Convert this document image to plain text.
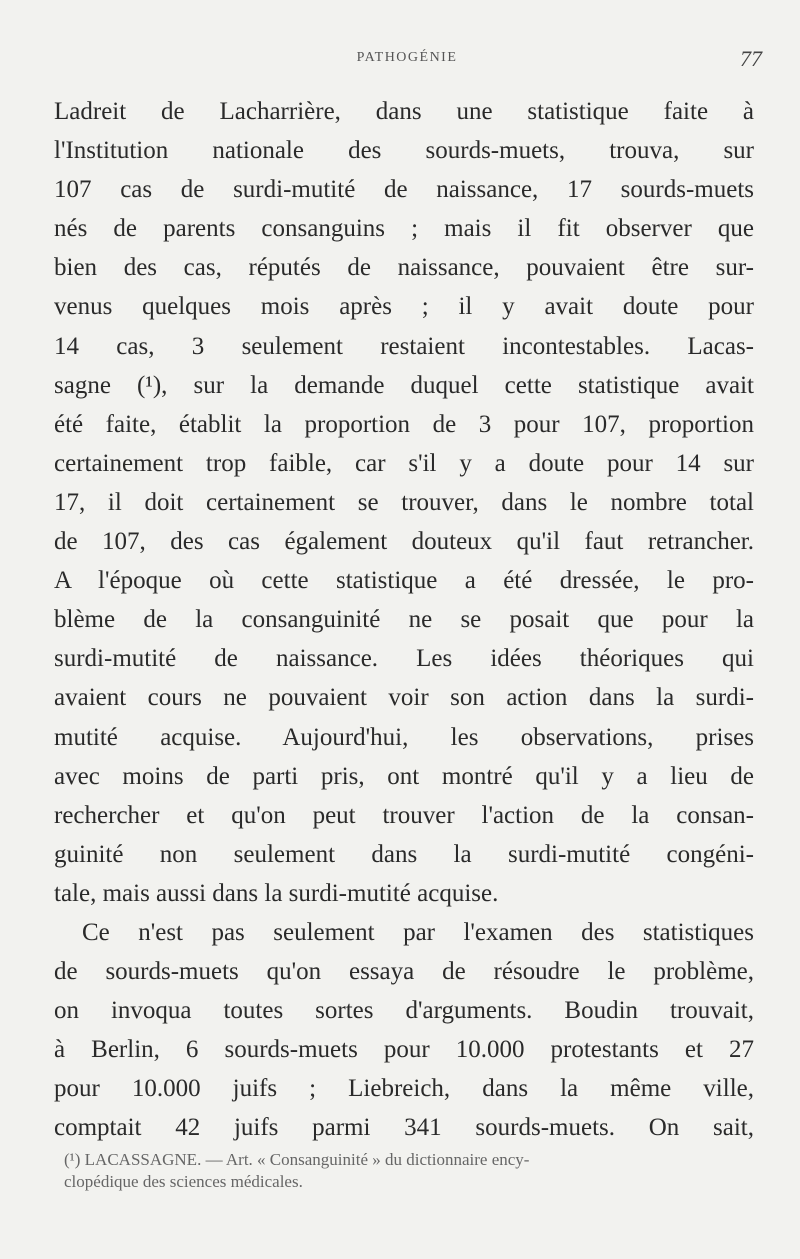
PATHOGÉNIE	77
Ladreit de Lacharrière, dans une statistique faite à
l'Institution nationale des sourds-muets, trouva, sur
107 cas de surdi-mutité de naissance, 17 sourds-muets
nés de parents consanguins ; mais il fit observer que
bien des cas, réputés de naissance, pouvaient être sur-
venus quelques mois après ; il y avait doute pour
14 cas, 3 seulement restaient incontestables. Lacas-
sagne (¹), sur la demande duquel cette statistique avait
été faite, établit la proportion de 3 pour 107, proportion
certainement trop faible, car s'il y a doute pour 14 sur
17, il doit certainement se trouver, dans le nombre total
de 107, des cas également douteux qu'il faut retrancher.
A l'époque où cette statistique a été dressée, le pro-
blème de la consanguinité ne se posait que pour la
surdi-mutité de naissance. Les idées théoriques qui
avaient cours ne pouvaient voir son action dans la surdi-
mutité acquise. Aujourd'hui, les observations, prises
avec moins de parti pris, ont montré qu'il y a lieu de
rechercher et qu'on peut trouver l'action de la consan-
guinité non seulement dans la surdi-mutité congéni-
tale, mais aussi dans la surdi-mutité acquise.
Ce n'est pas seulement par l'examen des statistiques
de sourds-muets qu'on essaya de résoudre le problème,
on invoqua toutes sortes d'arguments. Boudin trouvait,
à Berlin, 6 sourds-muets pour 10.000 protestants et 27
pour 10.000 juifs ; Liebreich, dans la même ville,
comptait 42 juifs parmi 341 sourds-muets. On sait,
(¹) LACASSAGNE. — Art. « Consanguinité » du dictionnaire ency-
clopédique des sciences médicales.
